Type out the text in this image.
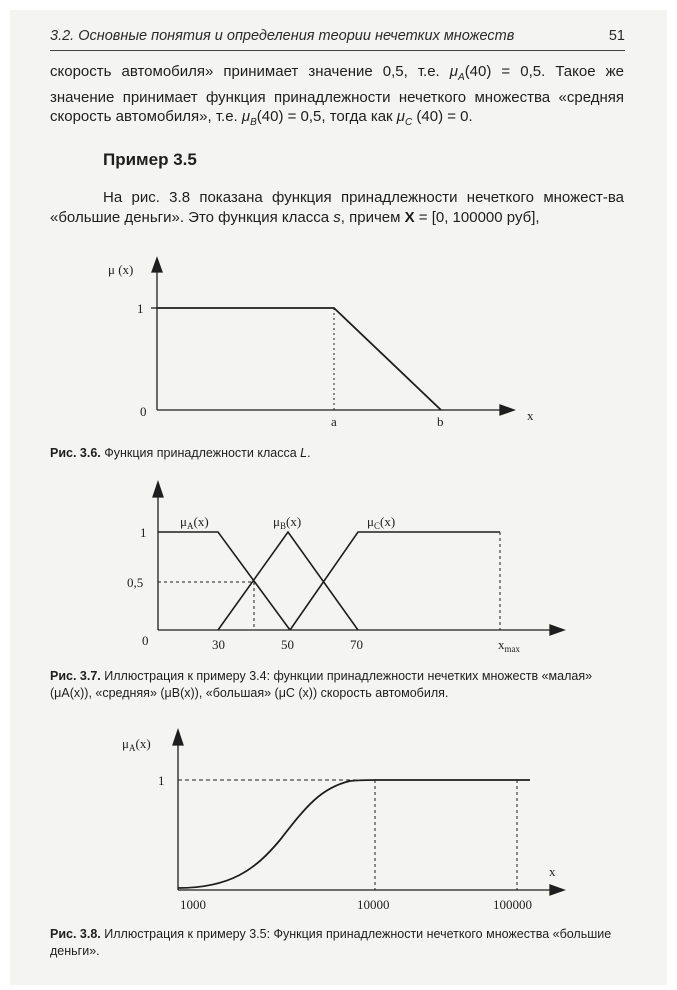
3.2. Основные понятия и определения теории нечетких множеств	51
скорость автомобиля» принимает значение 0,5, т.е. $\mu_A(40) = 0,5$. Такое же значение принимает функция принадлежности нечеткого множества «средняя скорость автомобиля», т.е. $\mu_B(40) = 0,5$, тогда как $\mu_C$ (40) = 0.
Пример 3.5
На рис. 3.8 показана функция принадлежности нечеткого множест-ва «большие деньги». Это функция класса s, причем X = [0, 100000 руб],
μ (x)
1
0
a	b	x
Рис. 3.6. Функция принадлежности класса L.
1
0,5
0	30	50	70	$x_{max}$
$\mu_A(x)$	$\mu_B(x)$	$\mu_C(x)$
Рис. 3.7. Иллюстрация к примеру 3.4: функции принадлежности нечетких множеств «малая» (μA(x)), «средняя» (μB(x)), «большая» (μC (x)) скорость автомобиля.
$\mu_A(x)$
1
x
1000	10000	100000
Рис. 3.8. Иллюстрация к примеру 3.5: Функция принадлежности нечеткого множества «большие деньги».
